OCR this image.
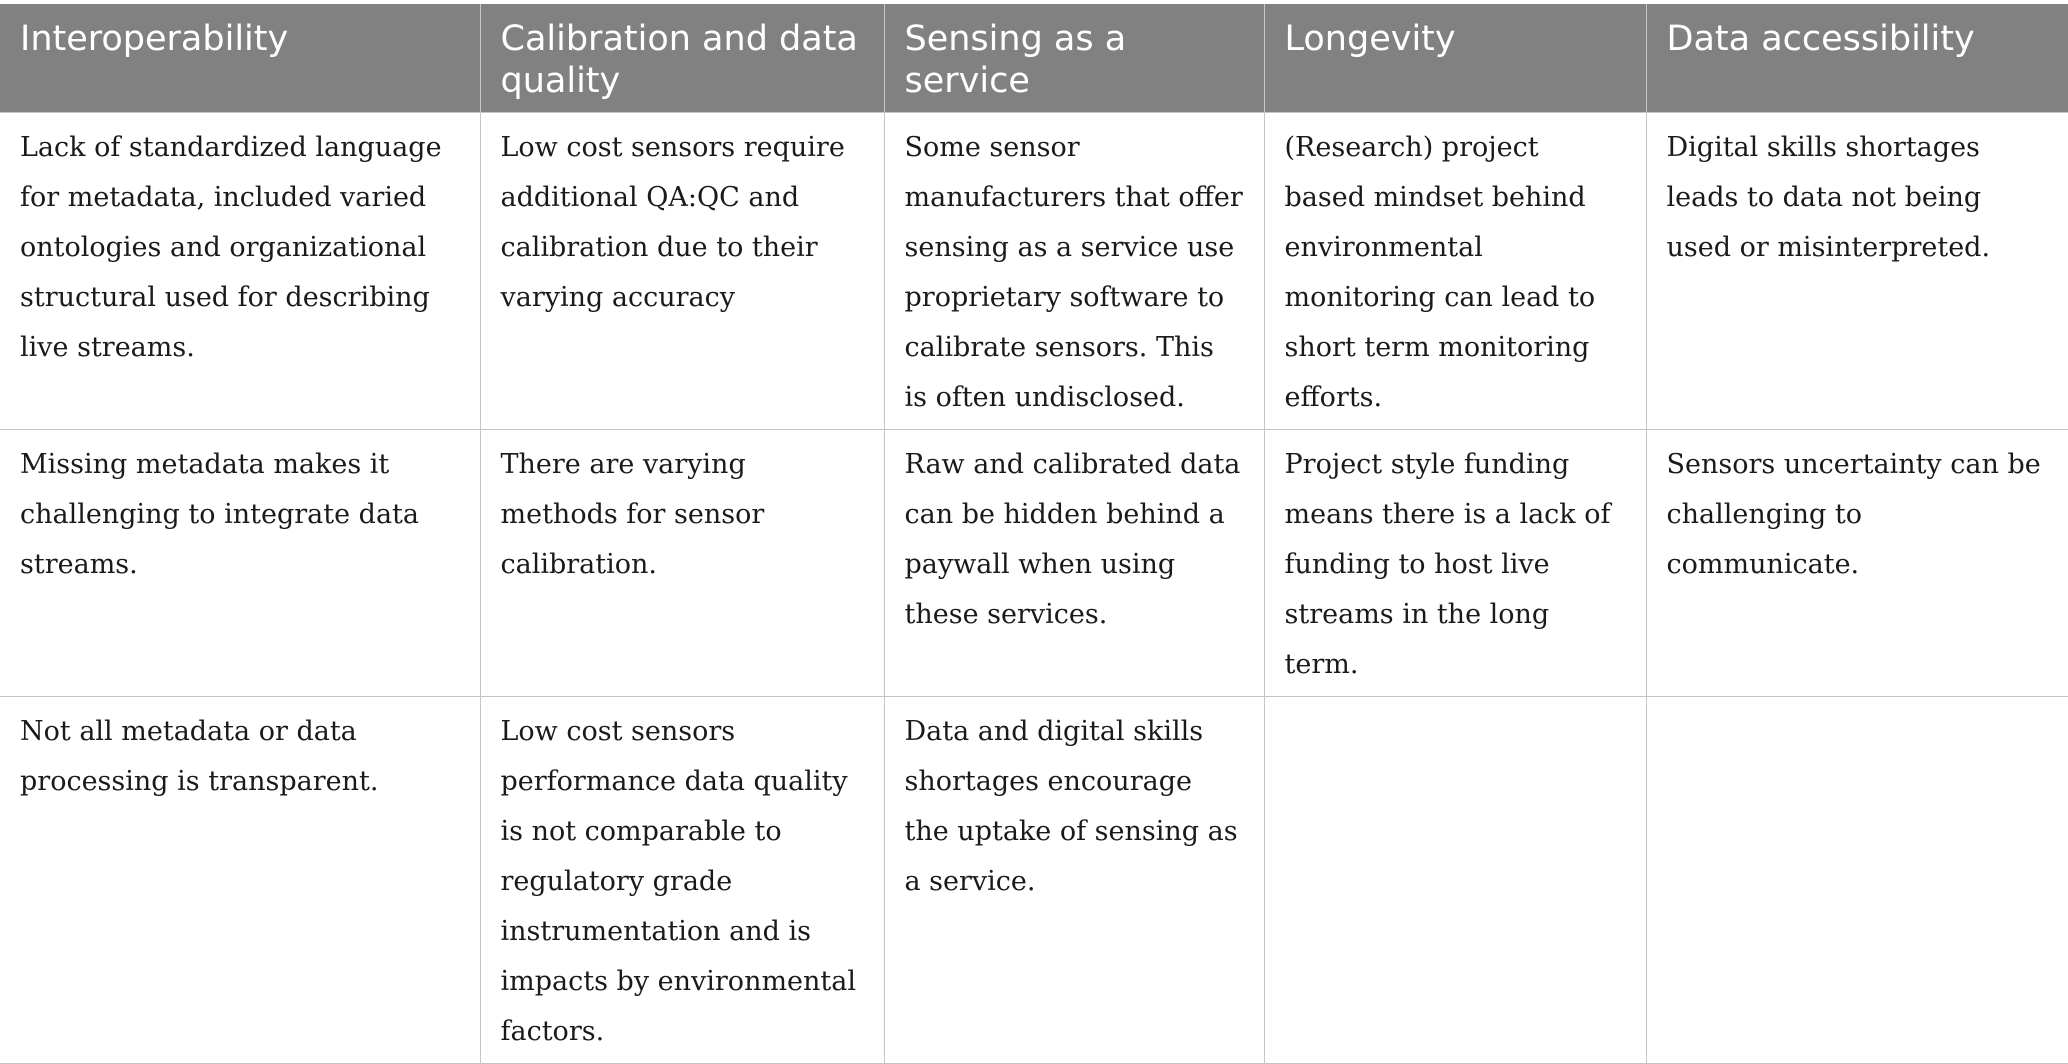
Interoperability	Calibration and data quality	Sensing as a service	Longevity	Data accessibility
Lack of standardized language for metadata, included varied ontologies and organizational structural used for describing live streams.	Low cost sensors require additional QA:QC and calibration due to their varying accuracy	Some sensor manufacturers that offer sensing as a service use proprietary software to calibrate sensors. This is often undisclosed.	(Research) project based mindset behind environmental monitoring can lead to short term monitoring efforts.	Digital skills shortages leads to data not being used or misinterpreted.
Missing metadata makes it challenging to integrate data streams.	There are varying methods for sensor calibration.	Raw and calibrated data can be hidden behind a paywall when using these services.	Project style funding means there is a lack of funding to host live streams in the long term.	Sensors uncertainty can be challenging to communicate.
Not all metadata or data processing is transparent.	Low cost sensors performance data quality is not comparable to regulatory grade instrumentation and is impacts by environmental factors.	Data and digital skills shortages encourage the uptake of sensing as a service.		
